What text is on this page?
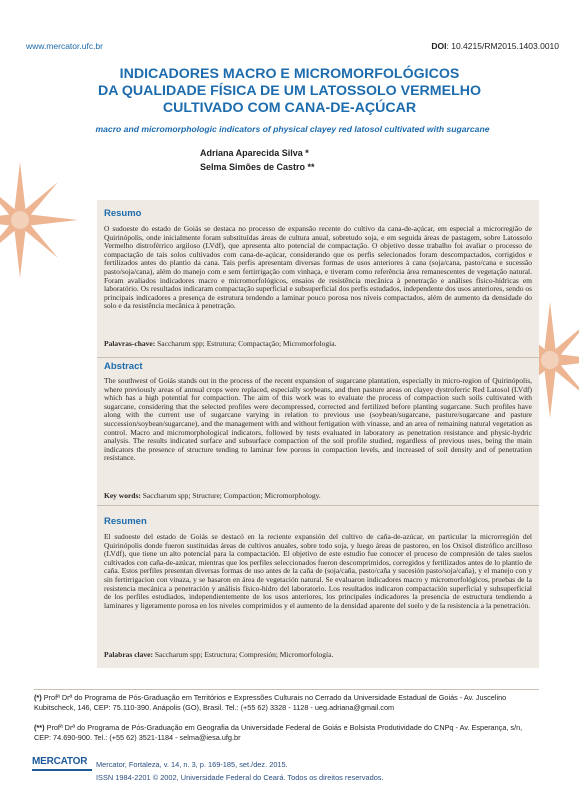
www.mercator.ufc.br	DOI: 10.4215/RM2015.1403.0010
INDICADORES MACRO E MICROMORFOLÓGICOS
DA QUALIDADE FÍSICA DE UM LATOSSOLO VERMELHO
CULTIVADO COM CANA-DE-AÇÚCAR
macro and micromorphologic indicators of physical clayey red latosol cultivated with sugarcane
Adriana Aparecida Silva *
Selma Simões de Castro **
Resumo
O sudoeste do estado de Goiás se destaca no processo de expansão recente do cultivo da cana-de-açúcar, em especial a microrregião de Quirinópolis, onde inicialmente foram substituídas áreas de cultura anual, sobretudo soja, e em seguida áreas de pastagem, sobre Latossolo Vermelho distroférrico argiloso (LVdf), que apresenta alto potencial de compactação. O objetivo desse trabalho foi avaliar o processo de compactação de tais solos cultivados com cana-de-açúcar, considerando que os perfis selecionados foram descompactados, corrigidos e fertilizados antes do plantio da cana. Tais perfis apresentam diversas formas de usos anteriores à cana (soja/cana, pasto/cana e sucessão pasto/soja/cana), além do manejo com e sem fertirrigação com vinhaça, e tiveram como referência área remanescentes de vegetação natural. Foram avaliados indicadores macro e micromorfológicos, ensaios de resistência mecânica à penetração e análises físico-hídricas em laboratório. Os resultados indicaram compactação superficial e subsuperficial dos perfis estudados, independente dos usos anteriores, sendo os principais indicadores a presença de estrutura tendendo a laminar pouco porosa nos níveis compactados, além de aumento da densidade do solo e da resistência mecânica à penetração.
Palavras-chave: Saccharum spp; Estrutura; Compactação; Micromorfologia.
Abstract
The southwest of Goiás stands out in the process of the recent expansion of sugarcane plantation, especially in micro-region of Quirinópolis, where previously areas of annual crops were replaced, especially soybeans, and then pasture areas on clayey dystroferric Red Latosol (LVdf) which has a high potential for compaction. The aim of this work was to evaluate the process of compaction such soils cultivated with sugarcane, considering that the selected profiles were decompressed, corrected and fertilized before planting sugarcane. Such profiles have along with the current use of sugarcane varying in relation to previous use (soybean/sugarcane, pasture/sugarcane and pasture succession/soybean/sugarcane), and the management with and without fertigation with vinasse, and an area of remaining natural vegetation as control. Macro and micromorphological indicators, followed by tests evaluated in laboratory as penetration resistance and physic-hydric analysis. The results indicated surface and subsurface compaction of the soil profile studied, regardless of previous uses, being the main indicators the presence of structure tending to laminar few porous in compaction levels, and increased of soil density and of penetration resistance.
Key words: Saccharum spp; Structure; Compaction; Micromorphology.
Resumen
El sudoeste del estado de Goiás se destacó en la reciente expansión del cultivo de caña-de-azúcar, en particular la microrregión del Quirinópolis donde fueron sustituidas áreas de cultivos anuales, sobre todo soja, y luego áreas de pastoreo, en los Oxisol distrófico arcilloso (LVdf), que tiene un alto potencial para la compactación. El objetivo de este estudio fue conocer el proceso de compresión de tales suelos cultivados con caña-de-azúcar, mientras que los perfiles seleccionados fueron descomprimidos, corregidos y fertilizados antes de lo plantío de caña. Estos perfiles presentan diversas formas de uso antes de la caña de (soja/caña, pasto/caña y sucesión pasto/soja/caña), y el manejo con y sin fertirrigacion con vinaza, y se basaron en área de vegetación natural. Se evaluaron indicadores macro y micromorfológicos, pruebas de la resistencia mecánica a penetración y análisis físico-hídro del laboratorio. Los resultados indicaron compactación superficial y subsuperficial de los perfiles estudiados, independientemente de los usos anteriores, los principales indicadores la presencia de estructura tendiendo a laminares y ligeramente porosa en los niveles comprimidos y el aumento de la densidad aparente del suelo y de la resistencia a la penetración.
Palabras clave: Saccharum spp; Estructura; Compresión; Micromorfología.
(*) Profª Drª do Programa de Pós-Graduação em Territórios e Expressões Culturais no Cerrado da Universidade Estadual de Goiás - Av. Juscelino Kubitscheck, 146, CEP: 75.110-390. Anápolis (GO), Brasil. Tel.: (+55 62) 3328 - 1128 - ueg.adriana@gmail.com
(**) Profª Drª do Programa de Pós-Graduação em Geografia da Universidade Federal de Goiás e Bolsista Produtividade do CNPq - Av. Esperança, s/n, CEP: 74.690-900. Tel.: (+55 62) 3521-1184 - selma@iesa.ufg.br
MERCATOR Mercator, Fortaleza, v. 14, n. 3, p. 169-185, set./dez. 2015.
ISSN 1984-2201 © 2002, Universidade Federal do Ceará. Todos os direitos reservados.
